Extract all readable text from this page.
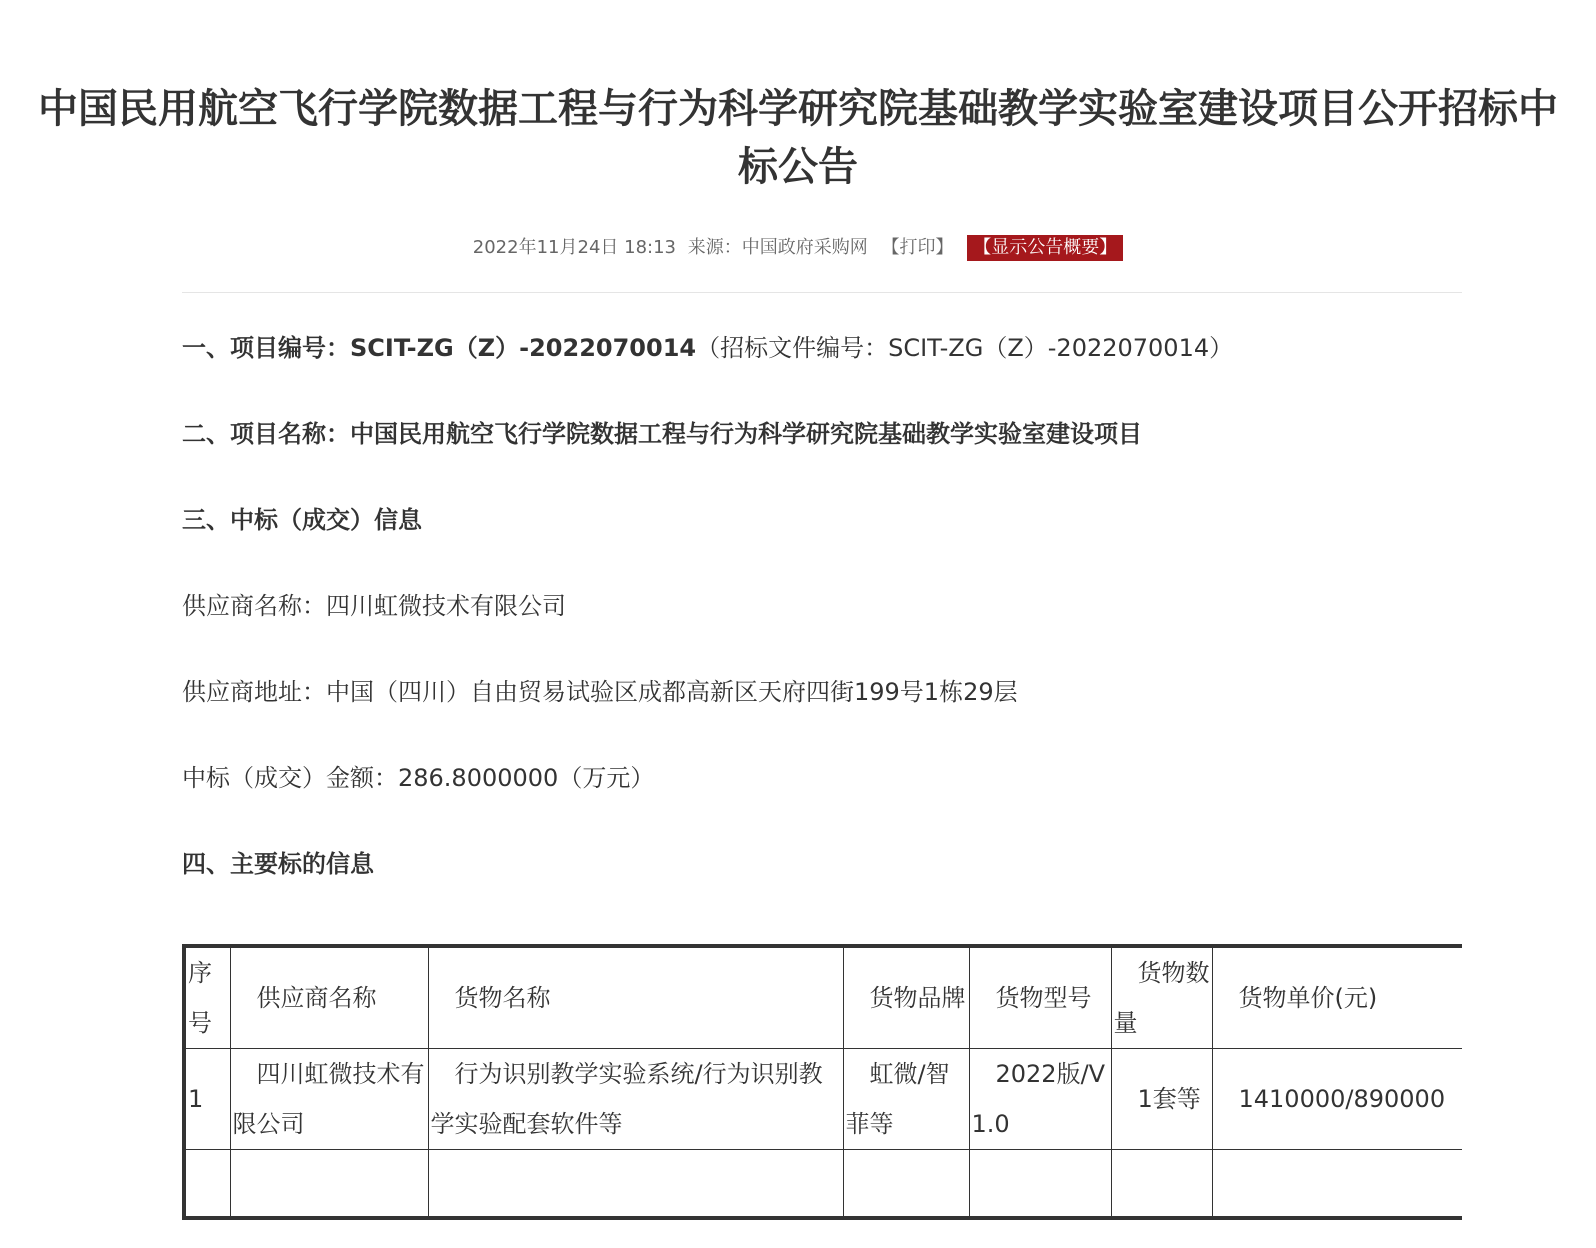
中国民用航空飞行学院数据工程与行为科学研究院基础教学实验室建设项目公开招标中标公告
2022年11月24日 18:13 来源：中国政府采购网 【打印】 【显示公告概要】

一、项目编号：SCIT-ZG（Z）-2022070014（招标文件编号：SCIT-ZG（Z）-2022070014）

二、项目名称：中国民用航空飞行学院数据工程与行为科学研究院基础教学实验室建设项目

三、中标（成交）信息

供应商名称：四川虹微技术有限公司

供应商地址：中国（四川）自由贸易试验区成都高新区天府四街199号1栋29层

中标（成交）金额：286.8000000（万元）

四、主要标的信息

序号	供应商名称	货物名称	货物品牌	货物型号	货物数量	货物单价(元)
1	四川虹微技术有限公司	行为识别教学实验系统/行为识别教学实验配套软件等	虹微/智菲等	2022版/V1.0	1套等	1410000/890000
